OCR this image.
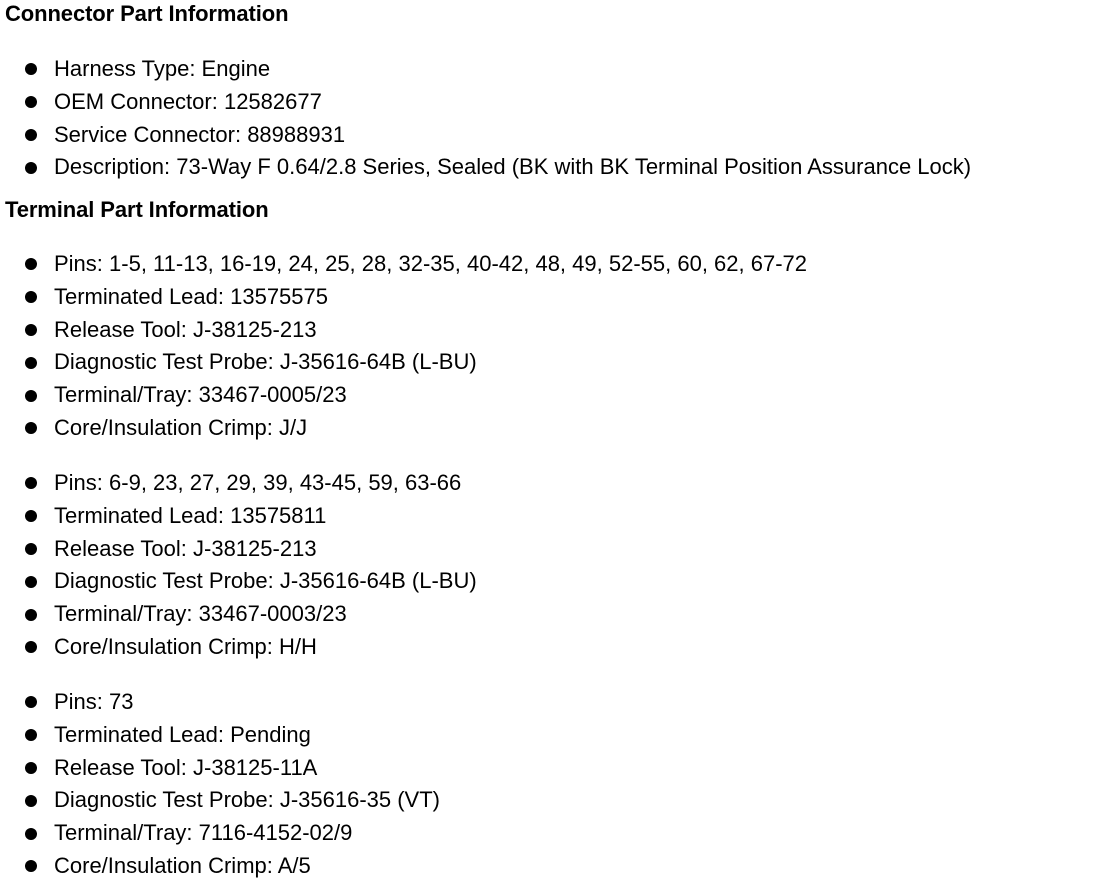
Connector Part Information
Harness Type: Engine
OEM Connector: 12582677
Service Connector: 88988931
Description: 73-Way F 0.64/2.8 Series, Sealed (BK with BK Terminal Position Assurance Lock)
Terminal Part Information
Pins: 1-5, 11-13, 16-19, 24, 25, 28, 32-35, 40-42, 48, 49, 52-55, 60, 62, 67-72
Terminated Lead: 13575575
Release Tool: J-38125-213
Diagnostic Test Probe: J-35616-64B (L-BU)
Terminal/Tray: 33467-0005/23
Core/Insulation Crimp: J/J
Pins: 6-9, 23, 27, 29, 39, 43-45, 59, 63-66
Terminated Lead: 13575811
Release Tool: J-38125-213
Diagnostic Test Probe: J-35616-64B (L-BU)
Terminal/Tray: 33467-0003/23
Core/Insulation Crimp: H/H
Pins: 73
Terminated Lead: Pending
Release Tool: J-38125-11A
Diagnostic Test Probe: J-35616-35 (VT)
Terminal/Tray: 7116-4152-02/9
Core/Insulation Crimp: A/5
